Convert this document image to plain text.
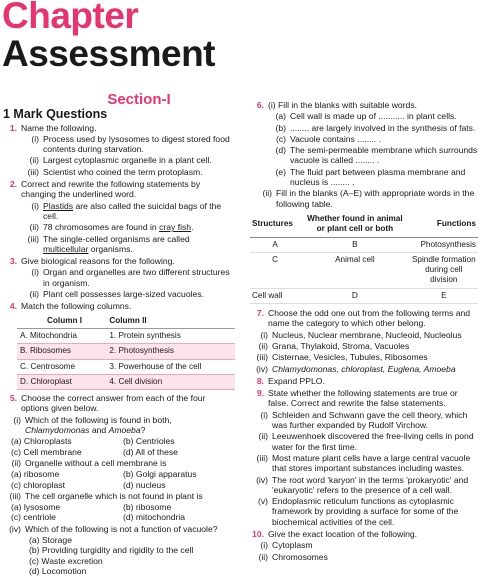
Chapter
Assessment
Section-I
1 Mark Questions
1. Name the following.
(i) Process used by lysosomes to digest stored food contents during starvation.
(ii) Largest cytoplasmic organelle in a plant cell.
(iii) Scientist who coined the term protoplasm.
2. Correct and rewrite the following statements by changing the underlined word.
(i) Plastids are also called the suicidal bags of the cell.
(ii) 78 chromosomes are found in cray fish.
(iii) The single-celled organisms are called multicellular organisms.
3. Give biological reasons for the following.
(i) Organ and organelles are two different structures in organism.
(ii) Plant cell possesses large-sized vacuoles.
4. Match the following columns.
Column I	Column II
A. Mitochondria	1. Protein synthesis
B. Ribosomes	2. Photosynthesis
C. Centrosome	3. Powerhouse of the cell
D. Chloroplast	4. Cell division
5. Choose the correct answer from each of the four options given below.
(i) Which of the following is found in both,
Chlamydomonas and Amoeba?
(a) Chloroplasts	(b) Centrioles
(c) Cell membrane	(d) All of these
(ii) Organelle without a cell membrane is
(a) ribosome	(b) Golgi apparatus
(c) chloroplast	(d) nucleus
(iii) The cell organelle which is not found in plant is
(a) lysosome	(b) ribosome
(c) centriole	(d) mitochondria
(iv) Which of the following is not a function of vacuole?
(a) Storage
(b) Providing turgidity and rigidity to the cell
(c) Waste excretion
(d) Locomotion
6. (i) Fill in the blanks with suitable words.
(a) Cell wall is made up of ........... in plant cells.
(b) ........ are largely involved in the synthesis of fats.
(c) Vacuole contains ........ .
(d) The semi-permeable membrane which surrounds vacuole is called ........ .
(e) The fluid part between plasma membrane and nucleus is ........ .
(ii) Fill in the blanks (A–E) with appropriate words in the following table.
Structures	Whether found in animal or plant cell or both	Functions
A	B	Photosynthesis
C	Animal cell	Spindle formation during cell division
Cell wall	D	E
7. Choose the odd one out from the following terms and name the category to which other belong.
(i) Nucleus, Nuclear membrane, Nucleoid, Nucleolus
(ii) Grana, Thylakoid, Stroma, Vacuoles
(iii) Cisternae, Vesicles, Tubules, Ribosomes
(iv) Chlamydomonas, chloroplast, Euglena, Amoeba
8. Expand PPLO.
9. State whether the following statements are true or false. Correct and rewrite the false statements.
(i) Schleiden and Schwann gave the cell theory, which was further expanded by Rudolf Virchow.
(ii) Leeuwenhoek discovered the free-living cells in pond water for the first time.
(iii) Most mature plant cells have a large central vacuole that stores important substances including wastes.
(iv) The root word 'karyon' in the terms 'prokaryotic' and 'eukaryotic' refers to the presence of a cell wall.
(v) Endoplasmic reticulum functions as cytoplasmic framework by providing a surface for some of the biochemical activities of the cell.
10. Give the exact location of the following.
(i) Cytoplasm
(ii) Chromosomes
